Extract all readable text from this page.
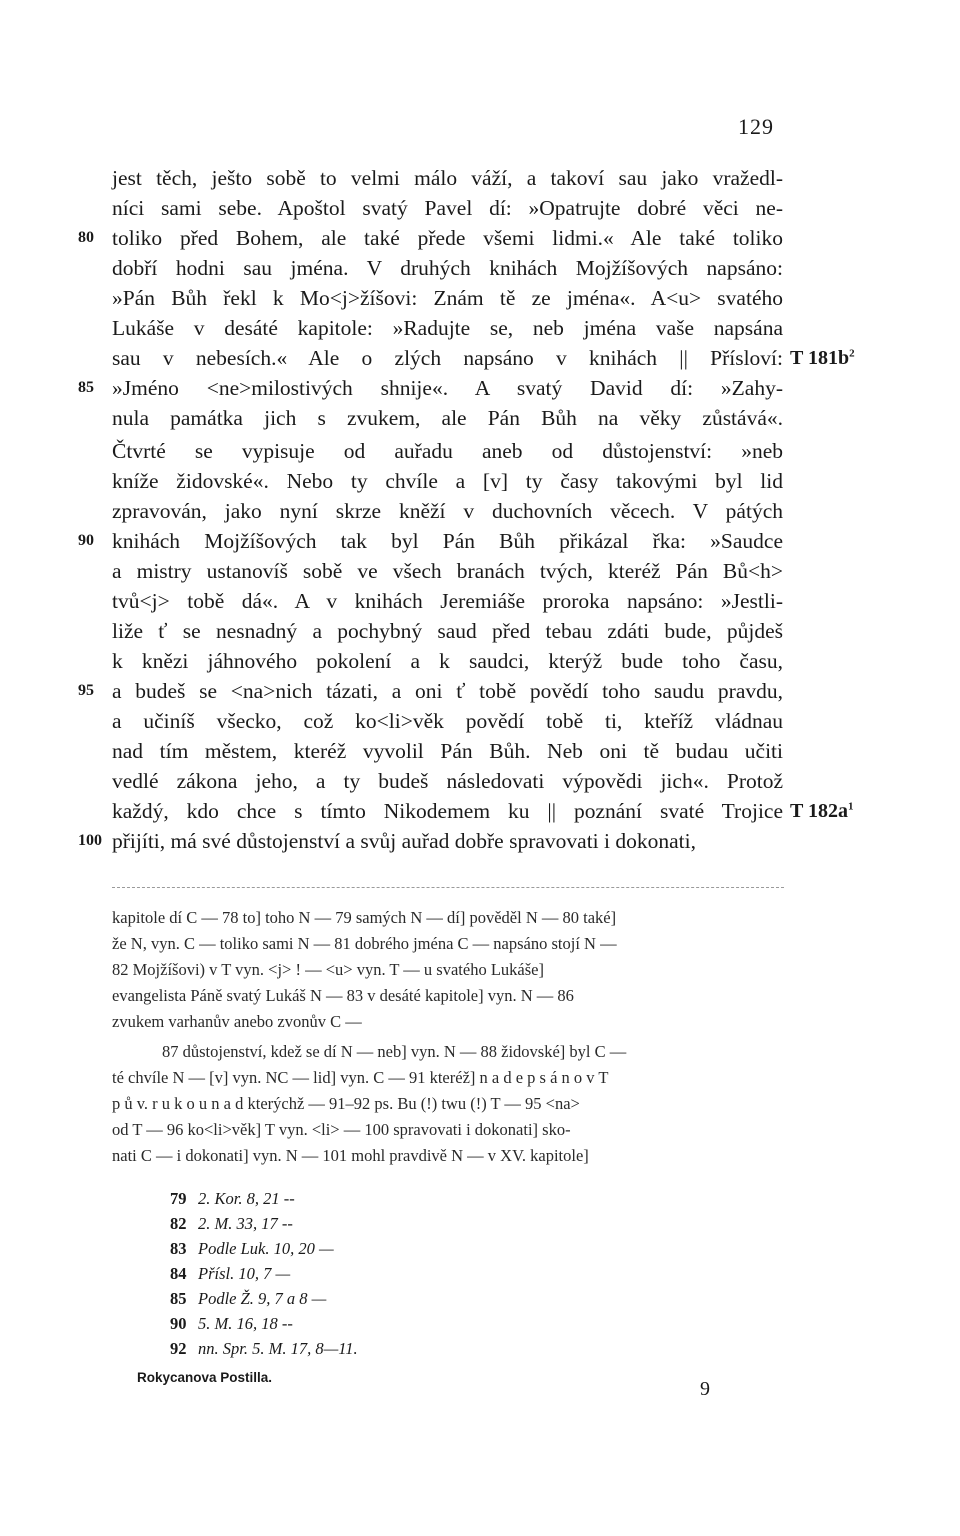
129
jest těch, ješto sobě to velmi málo váží, a takoví sau jako vražedl-
níci sami sebe. Apoštol svatý Pavel dí: »Opatrujte dobré věci ne-
toliko před Bohem, ale také přede všemi lidmi.« Ale také toliko
80
dobří hodni sau jména. V druhých knihách Mojžíšových napsáno:
»Pán Bůh řekl k Mo<j>žíšovi: Znám tě ze jména«. A<u> svatého
Lukáše v desáté kapitole: »Radujte se, neb jména vaše napsána
sau v nebesích.« Ale o zlých napsáno v knihách || Přísloví: T $181b^2$
»Jméno <ne>milostivých shnije«. A svatý David dí: »Zahy-
85
nula památka jich s zvukem, ale Pán Bůh na věky zůstává«.
Čtvrté se vypisuje od auřadu aneb od důstojenství: »neb
kníže židovské«. Nebo ty chvíle a [v] ty časy takovými byl lid
zpravován, jako nyní skrze kněží v duchovních věcech. V pátých
knihách Mojžíšových tak byl Pán Bůh přikázal řka: »Saudce
90
a mistry ustanovíš sobě ve všech branách tvých, kteréž Pán Bů<h>
tvů<j> tobě dá«. A v knihách Jeremiáše proroka napsáno: »Jestli-
liže ť se nesnadný a pochybný saud před tebau zdáti bude, půjdeš
k knězi jáhnového pokolení a k saudci, kterýž bude toho času,
a budeš se <na>nich tázati, a oni ť tobě povědí toho saudu pravdu,
95
a učiníš všecko, což ko<li>věk povědí tobě ti, kteříž vládnau
nad tím městem, kteréž vyvolil Pán Bůh. Neb oni tě budau učiti
vedlé zákona jeho, a ty budeš následovati výpovědi jich«. Protož
každý, kdo chce s tímto Nikodemem ku || poznání svaté Trojice T $182a^1$
přijíti, má své důstojenství a svůj auřad dobře spravovati i dokonati,
100
kapitole dí C — 78 to] toho N — 79 samých N — dí] pověděl N — 80 také]
že N, vyn. C — toliko sami N — 81 dobrého jména C — napsáno stojí N —
82 Mojžíšovi) v T vyn. <j> ! — <u> vyn. T — u svatého Lukáše]
evangelista Páně svatý Lukáš N — 83 v desáté kapitole] vyn. N — 86
zvukem varhanův anebo zvonův C —
87 důstojenství, kdež se dí N — neb] vyn. N — 88 židovské] byl C —
té chvíle N — [v] vyn. NC — lid] vyn. C — 91 kteréž] n a d e p s á n o v T
p ů v. r u k o u n a d kterýchž — 91–92 ps. Bu (!) twu (!) T — 95 <na>
od T — 96 ko<li>věk] T vyn. <li> — 100 spravovati i dokonati] sko-
nati C — i dokonati] vyn. N — 101 mohl pravdivě N — v XV. kapitole]
79 2. Kor. 8, 21 --
82 2. M. 33, 17 --
83 Podle Luk. 10, 20 —
84 Přísl. 10, 7 —
85 Podle Ž. 9, 7 a 8 —
90 5. M. 16, 18 --
92 nn. Spr. 5. M. 17, 8—11.
Rokycanova Postilla.
9
